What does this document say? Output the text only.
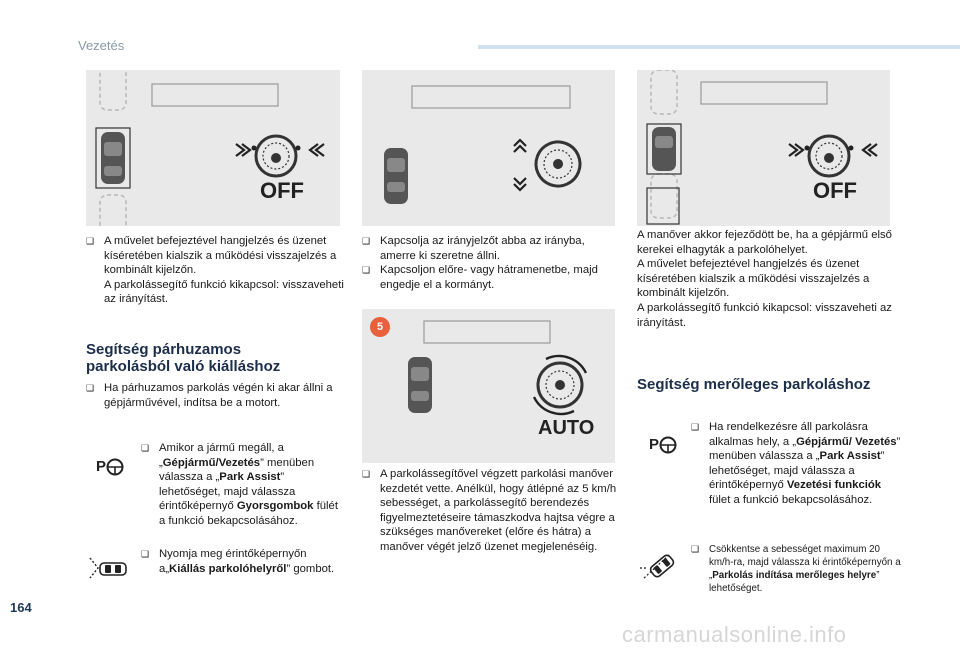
Vezetés
OFF	OFF
❑ A művelet befejeztével hangjelzés és üzenet kíséretében kialszik a működési visszajelzés a kombinált kijelzőn.
A parkolássegítő funkció kikapcsol: visszaveheti az irányítást.
Segítség párhuzamos
parkolásból való kiálláshoz
❑ Ha párhuzamos parkolás végén ki akar állni a gépjárművével, indítsa be a motort.
P
❑ Amikor a jármű megáll, a „Gépjármű/Vezetés” menüben válassza a „Park Assist” lehetőséget, majd válassza érintőképernyő Gyorsgombok fülét a funkció bekapcsolásához.
❑ Nyomja meg érintőképernyőn a„Kiállás parkolóhelyről” gombot.
❑ Kapcsolja az irányjelzőt abba az irányba, amerre ki szeretne állni.
❑ Kapcsoljon előre- vagy hátramenetbe, majd engedje el a kormányt.
5
AUTO
❑ A parkolássegítővel végzett parkolási manőver kezdetét vette. Anélkül, hogy átlépné az 5 km/h sebességet, a parkolássegítő berendezés figyelmeztetéseire támaszkodva hajtsa végre a szükséges manővereket (előre és hátra) a manőver végét jelző üzenet megjelenéséig.
A manőver akkor fejeződött be, ha a gépjármű első kerekei elhagyták a parkolóhelyet.
A művelet befejeztével hangjelzés és üzenet kíséretében kialszik a működési visszajelzés a kombinált kijelzőn.
A parkolássegítő funkció kikapcsol: visszaveheti az irányítást.
Segítség merőleges parkoláshoz
P
❑ Ha rendelkezésre áll parkolásra alkalmas hely, a „Gépjármű/ Vezetés” menüben válassza a „Park Assist” lehetőséget, majd válassza a érintőképernyő Vezetési funkciók fület a funkció bekapcsolásához.
❑ Csökkentse a sebességet maximum 20 km/h-ra, majd válassza ki érintőképernyőn a „Parkolás indítása merőleges helyre” lehetőséget.
164
carmanualsonline.info
